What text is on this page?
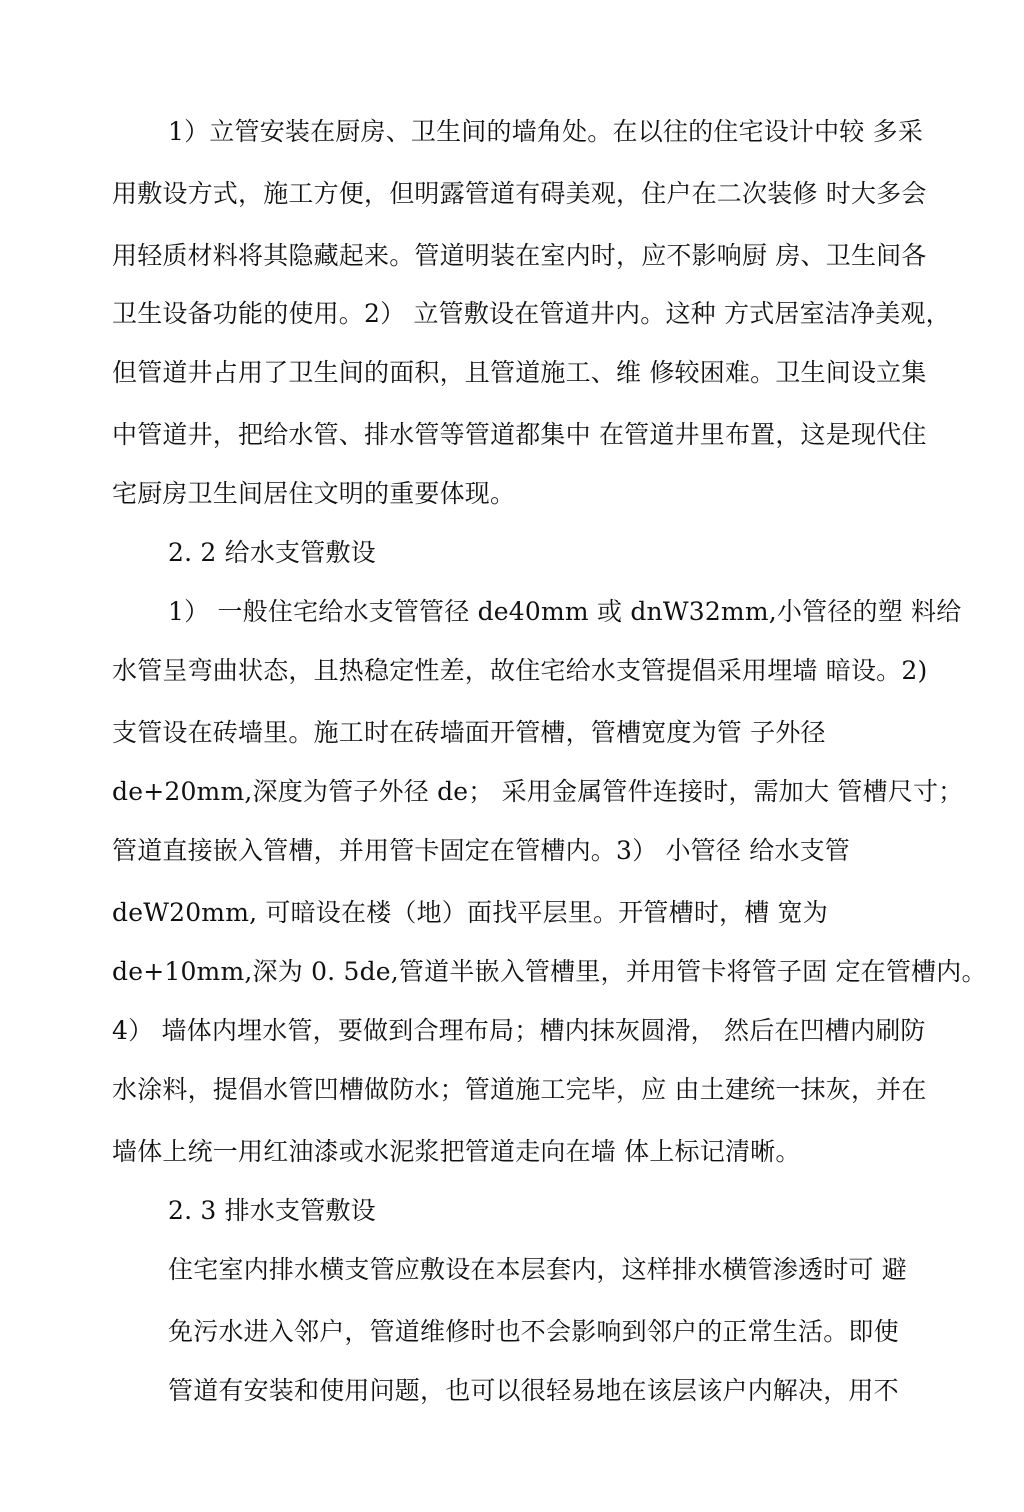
1）立管安装在厨房、卫生间的墙角处。在以往的住宅设计中较 多采
用敷设方式，施工方便，但明露管道有碍美观，住户在二次装修 时大多会
用轻质材料将其隐藏起来。管道明装在室内时，应不影响厨 房、卫生间各
卫生设备功能的使用。2） 立管敷设在管道井内。这种 方式居室洁净美观，
但管道井占用了卫生间的面积，且管道施工、维 修较困难。卫生间设立集
中管道井，把给水管、排水管等管道都集中 在管道井里布置，这是现代住
宅厨房卫生间居住文明的重要体现。
2. 2 给水支管敷设
1） 一般住宅给水支管管径 de40mm 或 dnW32mm,小管径的塑 料给
水管呈弯曲状态，且热稳定性差，故住宅给水支管提倡采用埋墙 暗设。2)
支管设在砖墙里。施工时在砖墙面开管槽，管槽宽度为管 子外径
de+20mm,深度为管子外径 de； 采用金属管件连接时，需加大 管槽尺寸；
管道直接嵌入管槽，并用管卡固定在管槽内。3） 小管径 给水支管
deW20mm, 可暗设在楼（地）面找平层里。开管槽时，槽 宽为
de+10mm,深为 0. 5de,管道半嵌入管槽里，并用管卡将管子固 定在管槽内。
4） 墙体内埋水管，要做到合理布局；槽内抹灰圆滑， 然后在凹槽内刷防
水涂料，提倡水管凹槽做防水；管道施工完毕，应 由土建统一抹灰，并在
墙体上统一用红油漆或水泥浆把管道走向在墙 体上标记清晰。
2. 3 排水支管敷设
住宅室内排水横支管应敷设在本层套内，这样排水横管渗透时可 避
免污水进入邻户，管道维修时也不会影响到邻户的正常生活。即使
管道有安装和使用问题，也可以很轻易地在该层该户内解决，用不
